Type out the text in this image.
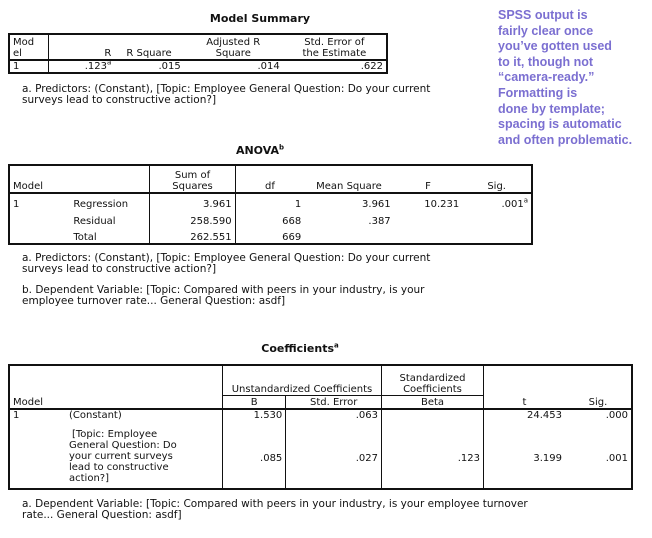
Model Summary
Mod
el	R	R Square	Adjusted R
Square	Std. Error of
the Estimate
1	.123$^a$	.015	.014	.622
a. Predictors: (Constant), [Topic: Employee General Question: Do your current
surveys lead to constructive action?]
ANOVA$^b$
Model		Sum of
Squares	df	Mean Square	F	Sig.
1	Regression	3.961	1	3.961	10.231	.001$^a$
	Residual	258.590	668	.387		
	Total	262.551	669			
a. Predictors: (Constant), [Topic: Employee General Question: Do your current
surveys lead to constructive action?]
b. Dependent Variable: [Topic: Compared with peers in your industry, is your
employee turnover rate... General Question: asdf]
Coefficients$^a$
		Unstandardized Coefficients		Standardized
Coefficients		
Model		B	Std. Error	Beta	t	Sig.
1	(Constant)	1.530	.063		24.453	.000

	[Topic: Employee
General Question: Do
your current surveys
lead to constructive
action?]	.085	.027	.123	3.199	.001
a. Dependent Variable: [Topic: Compared with peers in your industry, is your employee turnover
rate... General Question: asdf]
SPSS output is
fairly clear once
you’ve gotten used
to it, though not
“camera-ready.”
Formatting is
done by template;
spacing is automatic
and often problematic.
